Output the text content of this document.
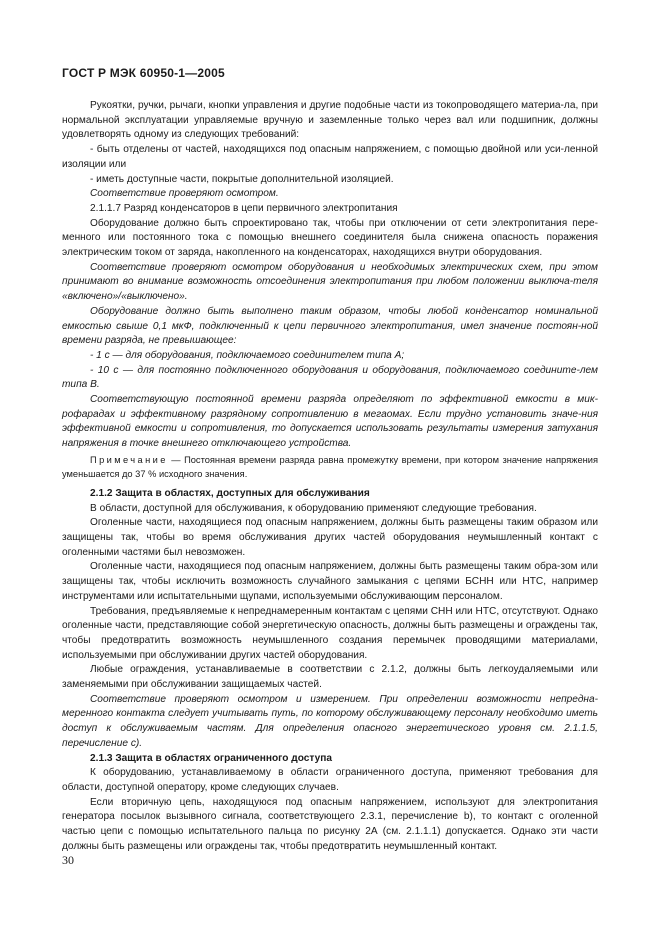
ГОСТ Р МЭК 60950-1—2005

Рукоятки, ручки, рычаги, кнопки управления и другие подобные части из токопроводящего материа-ла, при нормальной эксплуатации управляемые вручную и заземленные только через вал или подшипник, должны удовлетворять одному из следующих требований:

- быть отделены от частей, находящихся под опасным напряжением, с помощью двойной или уси-ленной изоляции или

- иметь доступные части, покрытые дополнительной изоляцией.

Соответствие проверяют осмотром.

2.1.1.7 Разряд конденсаторов в цепи первичного электропитания

Оборудование должно быть спроектировано так, чтобы при отключении от сети электропитания пере-менного или постоянного тока с помощью внешнего соединителя была снижена опасность поражения электрическим током от заряда, накопленного на конденсаторах, находящихся внутри оборудования.

Соответствие проверяют осмотром оборудования и необходимых электрических схем, при этом принимают во внимание возможность отсоединения электропитания при любом положении выключа-теля «включено»/«выключено».

Оборудование должно быть выполнено таким образом, чтобы любой конденсатор номинальной емкостью свыше 0,1 мкФ, подключенный к цепи первичного электропитания, имел значение постоян-ной времени разряда, не превышающее:

- 1 с — для оборудования, подключаемого соединителем типа А;

- 10 с — для постоянно подключенного оборудования и оборудования, подключаемого соедините-лем типа В.

Соответствующую постоянной времени разряда определяют по эффективной емкости в мик-рофарадах и эффективному разрядному сопротивлению в мегаомах. Если трудно установить значе-ния эффективной емкости и сопротивления, то допускается использовать результаты измерения затухания напряжения в точке внешнего отключающего устройства.

Примечание — Постоянная времени разряда равна промежутку времени, при котором значение напряжения уменьшается до 37 % исходного значения.

2.1.2 Защита в областях, доступных для обслуживания

В области, доступной для обслуживания, к оборудованию применяют следующие требования.

Оголенные части, находящиеся под опасным напряжением, должны быть размещены таким образом или защищены так, чтобы во время обслуживания других частей оборудования неумышленный контакт с оголенными частями был невозможен.

Оголенные части, находящиеся под опасным напряжением, должны быть размещены таким обра-зом или защищены так, чтобы исключить возможность случайного замыкания с цепями БСНН или НТС, например инструментами или испытательными щупами, используемыми обслуживающим персоналом.

Требования, предъявляемые к непреднамеренным контактам с цепями СНН или НТС, отсутствуют. Однако оголенные части, представляющие собой энергетическую опасность, должны быть размещены и ограждены так, чтобы предотвратить возможность неумышленного создания перемычек проводящими материалами, используемыми при обслуживании других частей оборудования.

Любые ограждения, устанавливаемые в соответствии с 2.1.2, должны быть легкоудаляемыми или заменяемыми при обслуживании защищаемых частей.

Соответствие проверяют осмотром и измерением. При определении возможности непредна-меренного контакта следует учитывать путь, по которому обслуживающему персоналу необходимо иметь доступ к обслуживаемым частям. Для определения опасного энергетического уровня см. 2.1.1.5, перечисление с).

2.1.3 Защита в областях ограниченного доступа

К оборудованию, устанавливаемому в области ограниченного доступа, применяют требования для области, доступной оператору, кроме следующих случаев.

Если вторичную цепь, находящуюся под опасным напряжением, используют для электропитания генератора посылок вызывного сигнала, соответствующего 2.3.1, перечисление b), то контакт с оголенной частью цепи с помощью испытательного пальца по рисунку 2А (см. 2.1.1.1) допускается. Однако эти части должны быть размещены или ограждены так, чтобы предотвратить неумышленный контакт.

30
